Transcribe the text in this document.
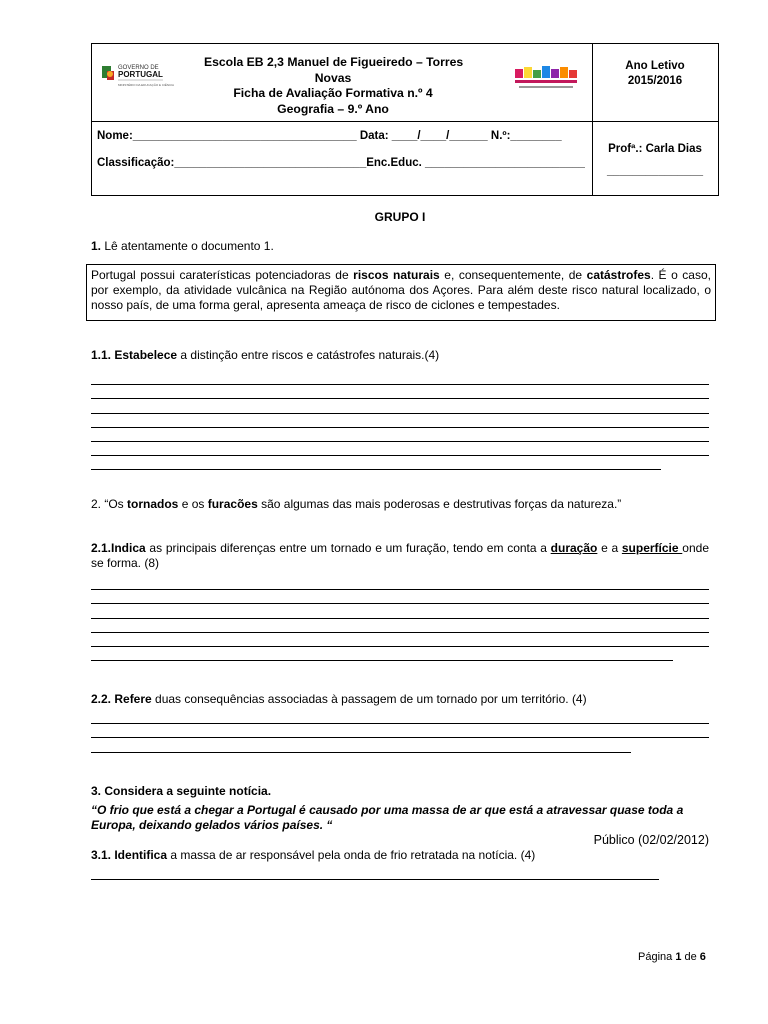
GOVERNO DE
PORTUGAL
MINISTÉRIO DA EDUCAÇÃO E CIÊNCIA
Escola EB 2,3 Manuel de Figueiredo – Torres
Novas
Ficha de Avaliação Formativa n.º 4
Geografia – 9.º Ano
Ano Letivo
2015/2016
Nome:___________________________________ Data: ____/____/______ N.º:________
Classificação:______________________________Enc.Educ. _________________________
Profª.: Carla Dias
_______________
GRUPO I
1. Lê atentamente o documento 1.
Portugal possui caraterísticas potenciadoras de riscos naturais e, consequentemente, de catástrofes. É o caso, por exemplo, da atividade vulcânica na Região autónoma dos Açores. Para além deste risco natural localizado, o nosso país, de uma forma geral, apresenta ameaça de risco de ciclones e tempestades.
1.1. Estabelece a distinção entre riscos e catástrofes naturais.(4)
2. “Os tornados e os furacões são algumas das mais poderosas e destrutivas forças da natureza.”
2.1.Indica as principais diferenças entre um tornado e um furação, tendo em conta a duração e a superfície onde se forma. (8)
2.2. Refere duas consequências associadas à passagem de um tornado por um território. (4)
3. Considera a seguinte notícia.
“O frio que está a chegar a Portugal é causado por uma massa de ar que está a atravessar quase toda a Europa, deixando gelados vários países. “
Público (02/02/2012)
3.1. Identifica a massa de ar responsável pela onda de frio retratada na notícia. (4)
Página 1 de 6
